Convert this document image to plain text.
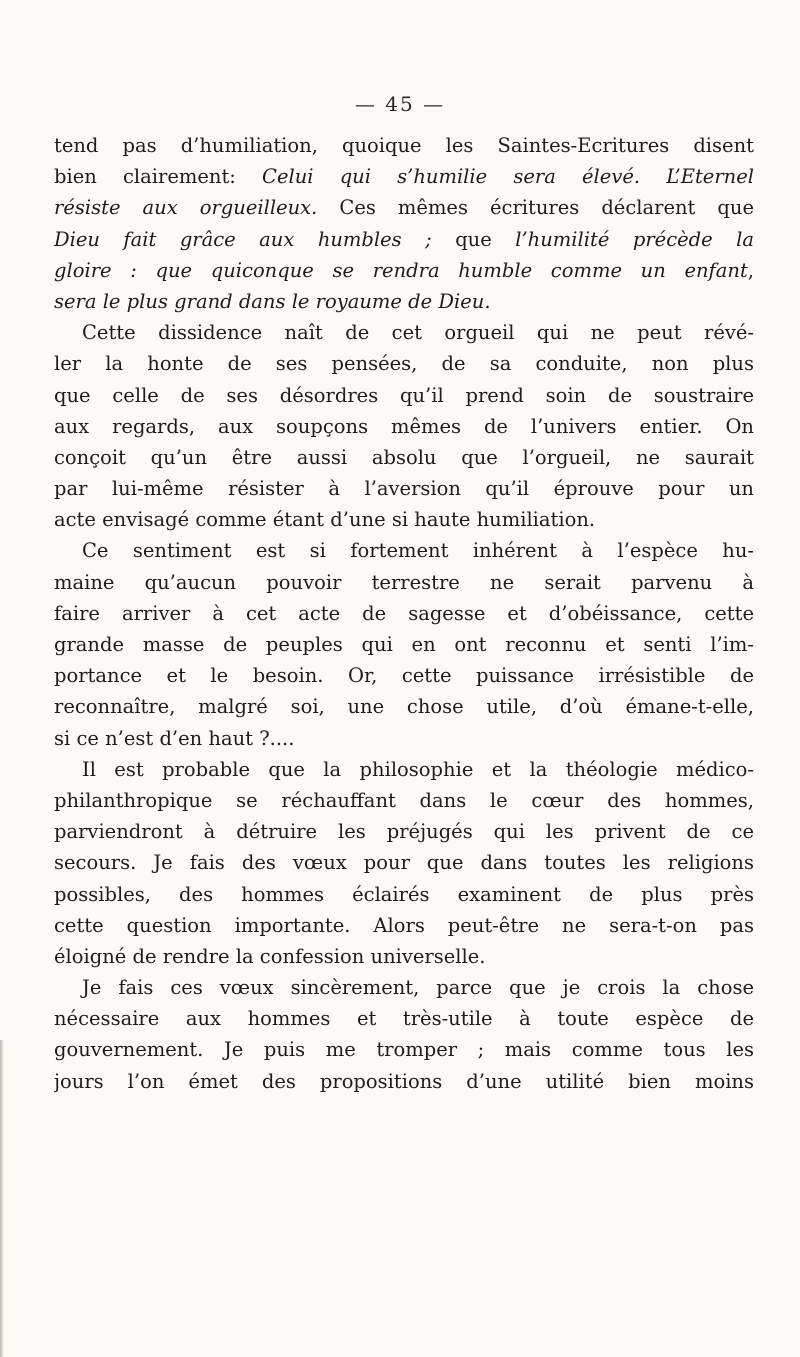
— 45 —
tend pas d’humiliation, quoique les Saintes-Ecritures disent
bien clairement: Celui qui s’humilie sera élevé. L’Eternel
résiste aux orgueilleux. Ces mêmes écritures déclarent que
Dieu fait grâce aux humbles ; que l’humilité précède la
gloire : que quiconque se rendra humble comme un enfant,
sera le plus grand dans le royaume de Dieu.
Cette dissidence naît de cet orgueil qui ne peut révé-
ler la honte de ses pensées, de sa conduite, non plus
que celle de ses désordres qu’il prend soin de soustraire
aux regards, aux soupçons mêmes de l’univers entier. On
conçoit qu’un être aussi absolu que l’orgueil, ne saurait
par lui-même résister à l’aversion qu’il éprouve pour un
acte envisagé comme étant d’une si haute humiliation.
Ce sentiment est si fortement inhérent à l’espèce hu-
maine qu’aucun pouvoir terrestre ne serait parvenu à
faire arriver à cet acte de sagesse et d’obéissance, cette
grande masse de peuples qui en ont reconnu et senti l’im-
portance et le besoin. Or, cette puissance irrésistible de
reconnaître, malgré soi, une chose utile, d’où émane-t-elle,
si ce n’est d’en haut ?....
Il est probable que la philosophie et la théologie médico-
philanthropique se réchauffant dans le cœur des hommes,
parviendront à détruire les préjugés qui les privent de ce
secours. Je fais des vœux pour que dans toutes les religions
possibles, des hommes éclairés examinent de plus près
cette question importante. Alors peut-être ne sera-t-on pas
éloigné de rendre la confession universelle.
Je fais ces vœux sincèrement, parce que je crois la chose
nécessaire aux hommes et très-utile à toute espèce de
gouvernement. Je puis me tromper ; mais comme tous les
jours l’on émet des propositions d’une utilité bien moins
